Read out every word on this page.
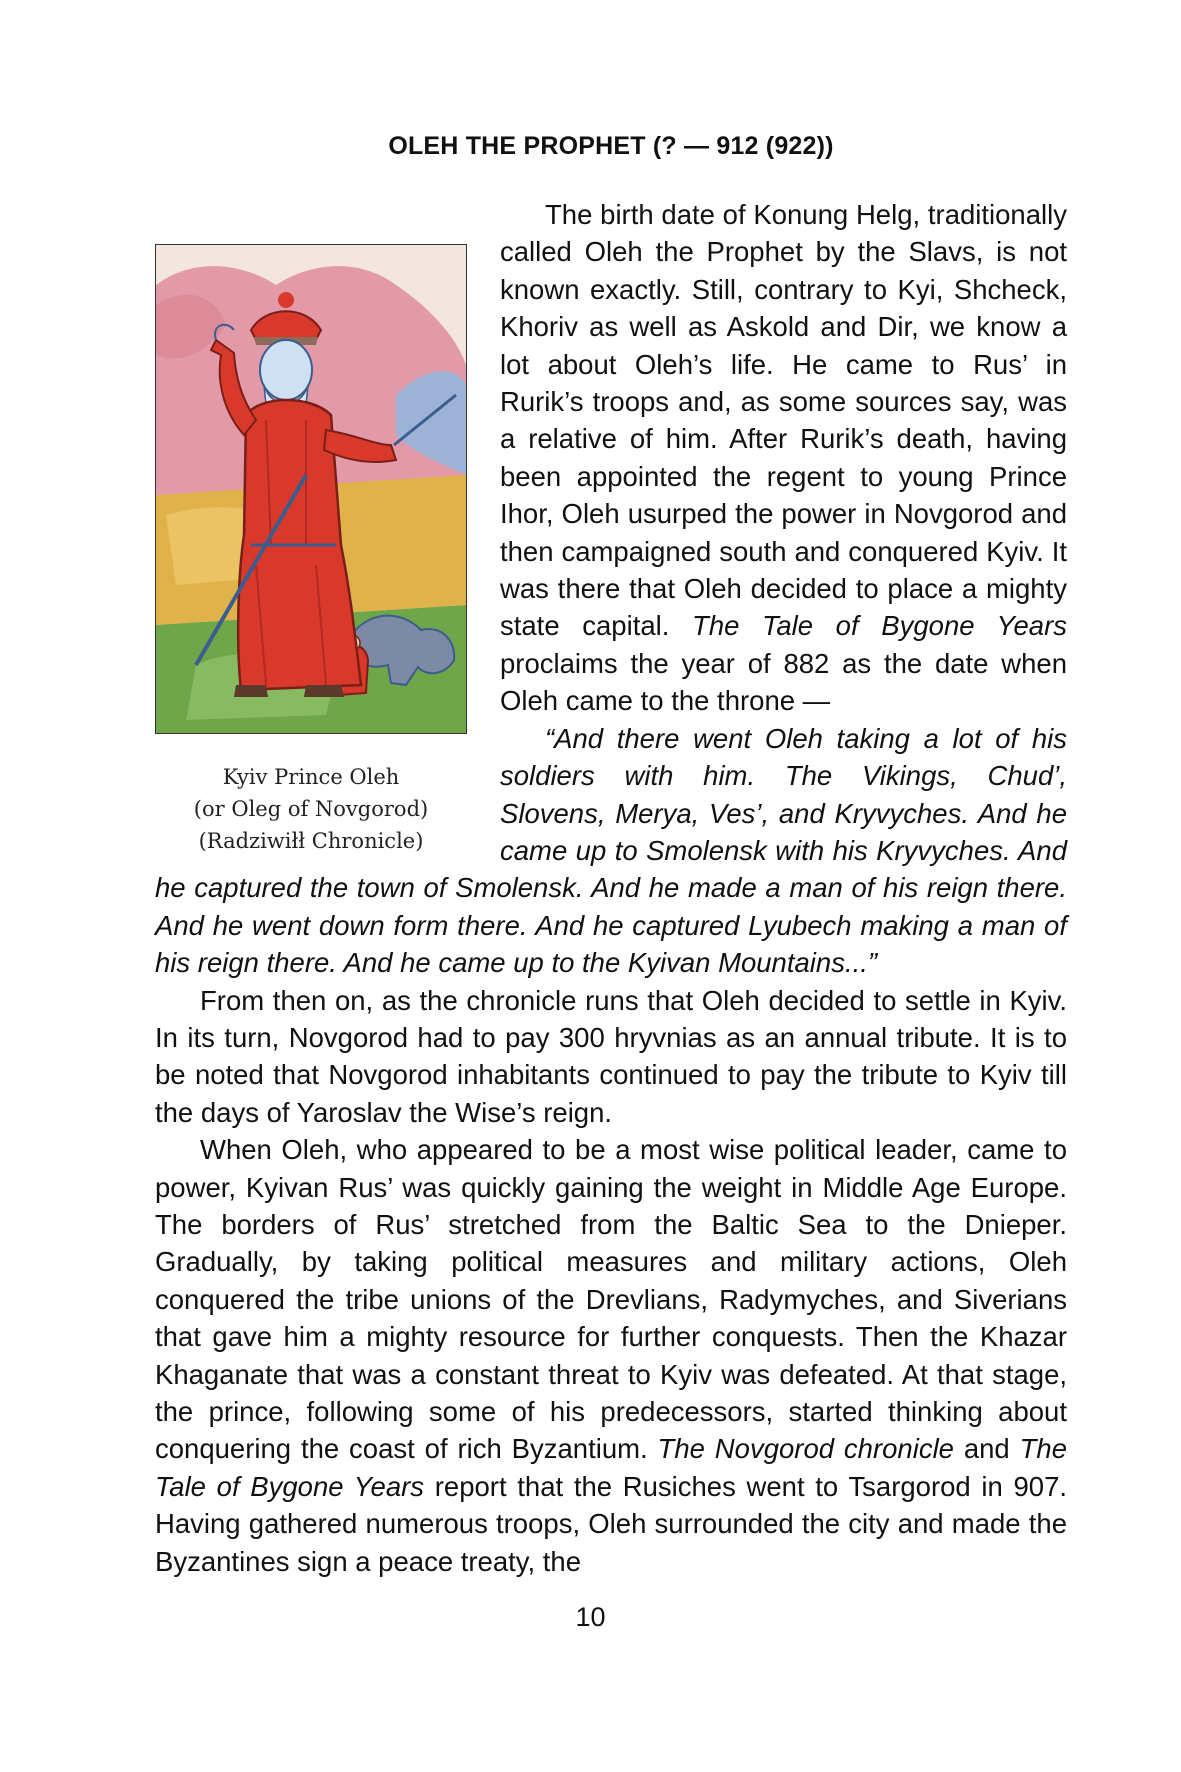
OLEH THE PROPHET (? — 912 (922))
Kyiv Prince Oleh
(or Oleg of Novgorod)
(Radziwiłł Chronicle)

The birth date of Konung Helg, traditionally called Oleh the Prophet by the Slavs, is not known exactly. Still, contrary to Kyi, Shcheck, Khoriv as well as Askold and Dir, we know a lot about Oleh’s life. He came to Rus’ in Rurik’s troops and, as some sources say, was a relative of him. After Rurik’s death, having been appointed the regent to young Prince Ihor, Oleh usurped the power in Novgorod and then campaigned south and conquered Kyiv. It was there that Oleh decided to place a mighty state capital. The Tale of Bygone Years proclaims the year of 882 as the date when Oleh came to the throne —

“And there went Oleh taking a lot of his soldiers with him. The Vikings, Chud’, Slovens, Merya, Ves’, and Kryvyches. And he came up to Smolensk with his Kryvyches. And he captured the town of Smolensk. And he made a man of his reign there. And he went down form there. And he captured Lyubech making a man of his reign there. And he came up to the Kyivan Mountains...”

From then on, as the chronicle runs that Oleh decided to settle in Kyiv. In its turn, Novgorod had to pay 300 hryvnias as an annual tribute. It is to be noted that Novgorod inhabitants continued to pay the tribute to Kyiv till the days of Yaroslav the Wise’s reign.

When Oleh, who appeared to be a most wise political leader, came to power, Kyivan Rus’ was quickly gaining the weight in Middle Age Europe. The borders of Rus’ stretched from the Baltic Sea to the Dnieper. Gradually, by taking political measures and military actions, Oleh conquered the tribe unions of the Drevlians, Radymyches, and Siverians that gave him a mighty resource for further conquests. Then the Khazar Khaganate that was a constant threat to Kyiv was defeated. At that stage, the prince, following some of his predecessors, started thinking about conquering the coast of rich Byzantium. The Novgorod chronicle and The Tale of Bygone Years report that the Rusiches went to Tsargorod in 907. Having gathered numerous troops, Oleh surrounded the city and made the Byzantines sign a peace treaty, the

10
